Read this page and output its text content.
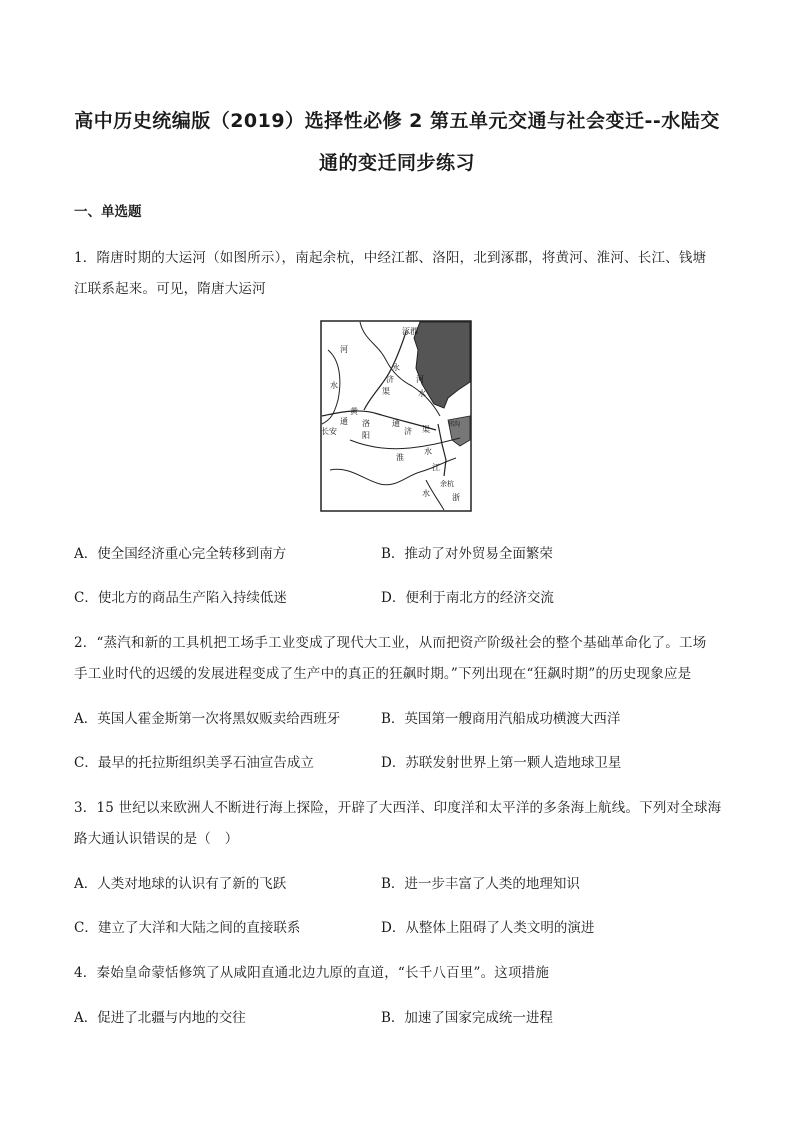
高中历史统编版（2019）选择性必修 2 第五单元交通与社会变迁--水陆交
通的变迁同步练习
一、单选题
1．隋唐时期的大运河（如图所示），南起余杭，中经江都、洛阳，北到涿郡，将黄河、淮河、长江、钱塘
江联系起来。可见，隋唐大运河
涿郡
河
水
永
济
渠
河
水
黄
长安
通 洛
阳
通
济 渠
邗沟
淮
水
江
余杭
水	浙
A．使全国经济重心完全转移到南方	B．推动了对外贸易全面繁荣
C．使北方的商品生产陷入持续低迷	D．便利于南北方的经济交流
2．“蒸汽和新的工具机把工场手工业变成了现代大工业，从而把资产阶级社会的整个基础革命化了。工场
手工业时代的迟缓的发展进程变成了生产中的真正的狂飙时期。”下列出现在“狂飙时期”的历史现象应是
A．英国人霍金斯第一次将黑奴贩卖给西班牙	B．英国第一艘商用汽船成功横渡大西洋
C．最早的托拉斯组织美孚石油宣告成立	D．苏联发射世界上第一颗人造地球卫星
3．15 世纪以来欧洲人不断进行海上探险，开辟了大西洋、印度洋和太平洋的多条海上航线。下列对全球海
路大通认识错误的是（　）
A．人类对地球的认识有了新的飞跃	B．进一步丰富了人类的地理知识
C．建立了大洋和大陆之间的直接联系	D．从整体上阻碍了人类文明的演进
4．秦始皇命蒙恬修筑了从咸阳直通北边九原的直道，“长千八百里”。这项措施
A．促进了北疆与内地的交往	B．加速了国家完成统一进程
